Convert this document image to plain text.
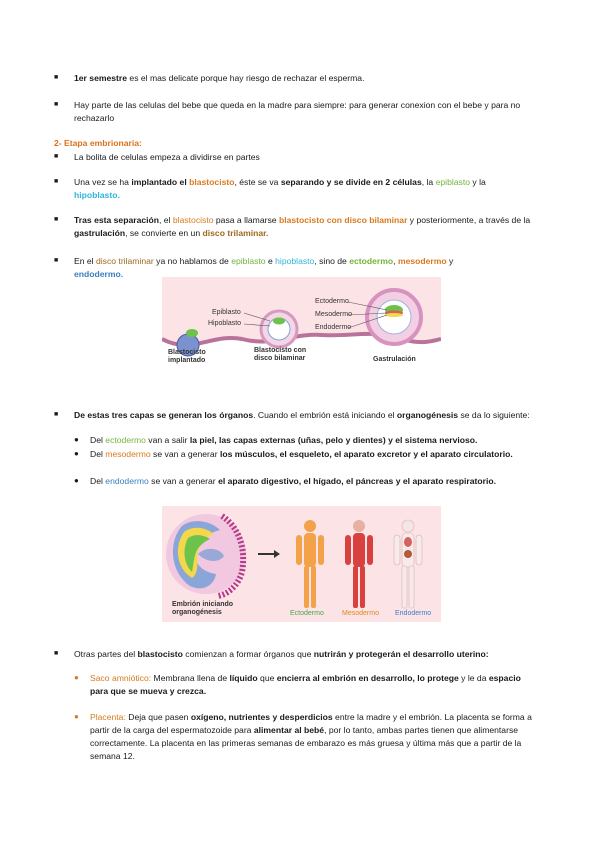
■ 1er semestre es el mas delicate porque hay riesgo de rechazar el esperma.
■ Hay parte de las celulas del bebe que queda en la madre para siempre: para generar conexion con el bebe y para no rechazarlo
2- Etapa embrionaria:
■ La bolita de celulas empeza a dividirse en partes
■ Una vez se ha implantado el blastocisto, éste se va separando y se divide en 2 células, la epiblasto y la
hipoblasto.
■ Tras esta separación, el blastocisto pasa a llamarse blastocisto con disco bilaminar y posteriormente, a través de la gastrulación, se convierte en un disco trilaminar.
■ En el disco trilaminar ya no hablamos de epiblasto e hipoblasto, sino de ectodermo, mesodermo y
endodermo.
Epiblasto
Hipoblasto
Ectodermo
Mesodermo
Endodermo
Blastocisto
implantado
Blastocisto con
disco bilaminar	Gastrulación
■ De estas tres capas se generan los órganos. Cuando el embrión está iniciando el organogénesis se da lo siguiente:
● Del ectodermo van a salir la piel, las capas externas (uñas, pelo y dientes) y el sistema nervioso.
● Del mesodermo se van a generar los músculos, el esqueleto, el aparato excretor y el aparato circulatorio.
● Del endodermo se van a generar el aparato digestivo, el hígado, el páncreas y el aparato respiratorio.
Embrión iniciando
organogénesis	Ectodermo	Mesodermo Endodermo
■ Otras partes del blastocisto comienzan a formar órganos que nutrirán y protegerán el desarrollo uterino:
● Saco amniótico: Membrana llena de líquido que encierra al embrión en desarrollo, lo protege y le da espacio para que se mueva y crezca.
● Placenta: Deja que pasen oxígeno, nutrientes y desperdicios entre la madre y el embrión. La placenta se forma a partir de la carga del espermatozoide para alimentar al bebé, por lo tanto, ambas partes tienen que alimentarse correctamente. La placenta en las primeras semanas de embarazo es más gruesa y última más que a partir de la semana 12.
